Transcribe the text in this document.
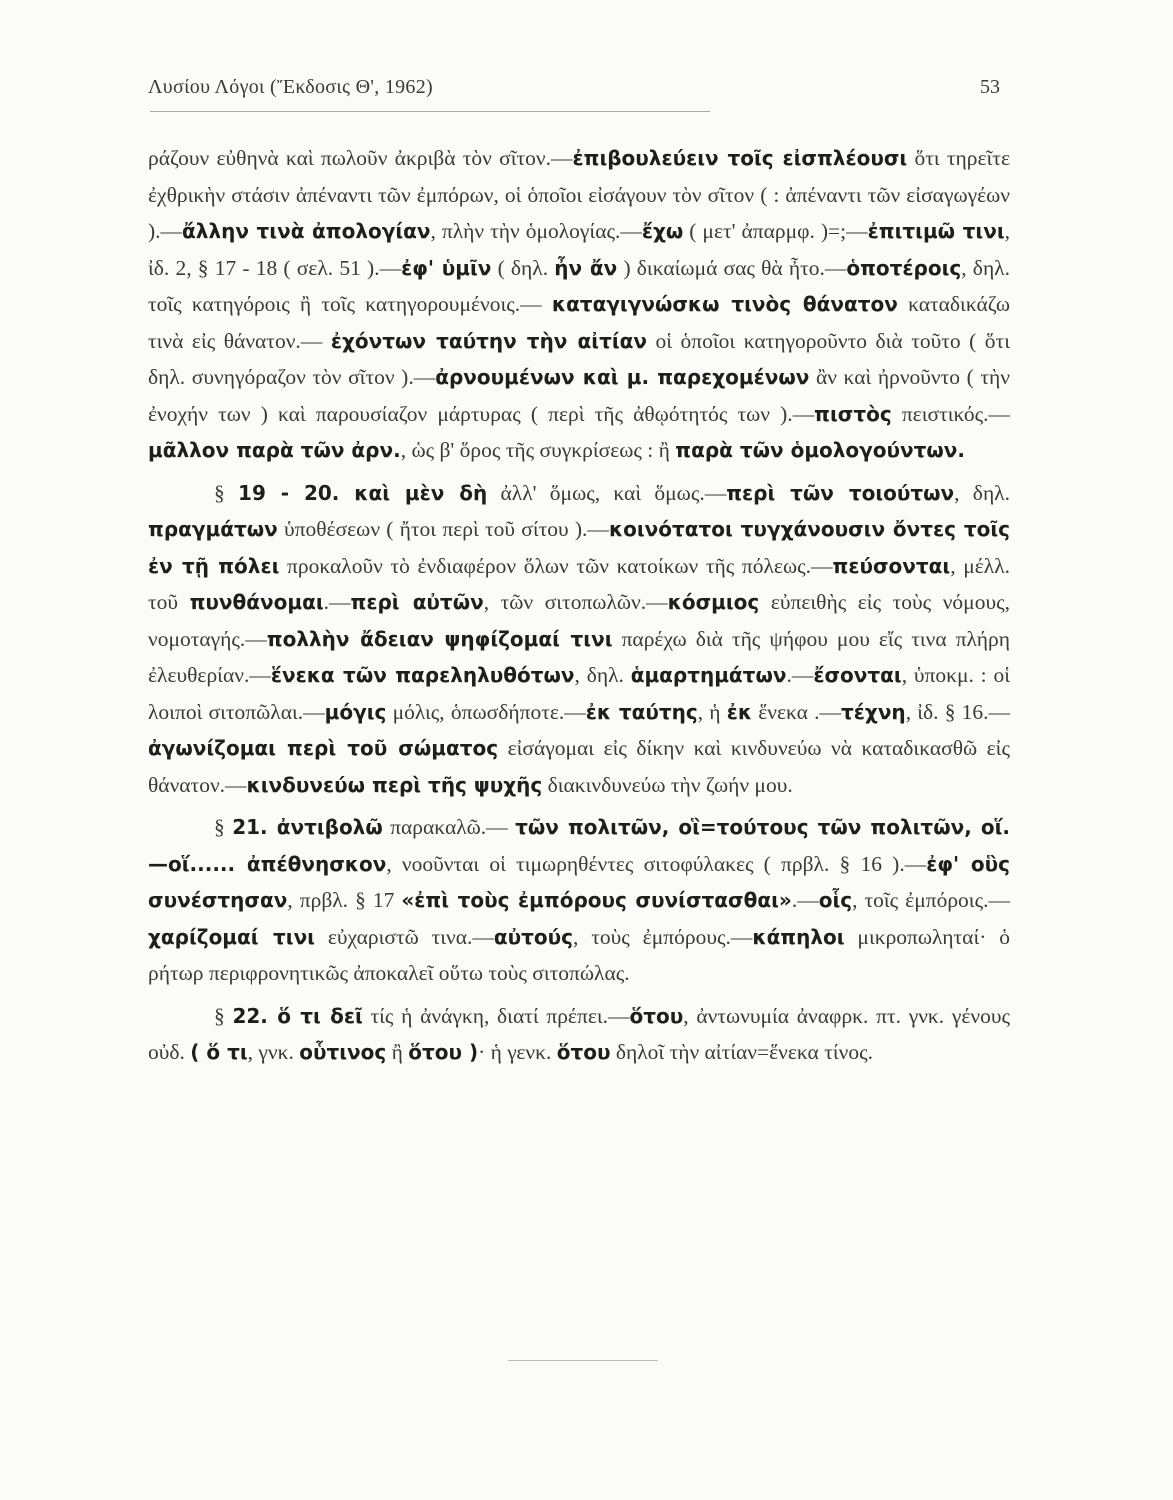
Λυσίου Λόγοι (Ἔκδοσις Θ', 1962)	53

ράζουν εὐθηνὰ καὶ πωλοῦν ἀκριβὰ τὸν σῖτον.—ἐπιβουλεύειν τοῖς εἰσπλέουσι ὅτι τηρεῖτε ἐχθρικὴν στάσιν ἀπέναντι τῶν ἐμπόρων, οἱ ὁποῖοι εἰσάγουν τὸν σῖτον ( : ἀπέναντι τῶν εἰσαγωγέων ).—ἄλλην τινὰ ἀπολογίαν, πλὴν τὴν ὁμολογίας.—ἔχω ( μετ' ἀπαρμφ. )=;—ἐπιτιμῶ τινι, ἰδ. 2, § 17 - 18 ( σελ. 51 ).—ἐφ' ὑμῖν ( δηλ. ἦν ἄν ) δικαίωμά σας θὰ ἦτο.—ὁποτέροις, δηλ. τοῖς κατηγόροις ἢ τοῖς κατηγορουμένοις.— καταγιγνώσκω τινὸς θάνατον καταδικάζω τινὰ εἰς θάνατον.— ἐχόντων ταύτην τὴν αἰτίαν οἱ ὁποῖοι κατηγοροῦντο διὰ τοῦτο ( ὅτι δηλ. συνηγόραζον τὸν σῖτον ).—ἀρνουμένων καὶ μ. παρεχομένων ἂν καὶ ἠρνοῦντο ( τὴν ἐνοχήν των ) καὶ παρουσίαζον μάρτυρας ( περὶ τῆς ἀθῳότητός των ).—πιστὸς πειστικός.—μᾶλλον παρὰ τῶν ἀρν., ὡς β' ὅρος τῆς συγκρίσεως : ἢ παρὰ τῶν ὁμολογούντων.

§ 19 - 20. καὶ μὲν δὴ ἀλλ' ὅμως, καὶ ὅμως.—περὶ τῶν τοιούτων, δηλ. πραγμάτων ὑποθέσεων ( ἤτοι περὶ τοῦ σίτου ).—κοινότατοι τυγχάνουσιν ὄντες τοῖς ἐν τῇ πόλει προκαλοῦν τὸ ἐνδιαφέρον ὅλων τῶν κατοίκων τῆς πόλεως.—πεύσονται, μέλλ. τοῦ πυνθάνομαι.—περὶ αὐτῶν, τῶν σιτοπωλῶν.—κόσμιος εὐπειθὴς εἰς τοὺς νόμους, νομοταγής.—πολλὴν ἄδειαν ψηφίζομαί τινι παρέχω διὰ τῆς ψήφου μου εἴς τινα πλήρη ἐλευθερίαν.—ἕνεκα τῶν παρεληλυθότων, δηλ. ἁμαρτημάτων.—ἔσονται, ὑποκμ. : οἱ λοιποὶ σιτοπῶλαι.—μόγις μόλις, ὁπωσδήποτε.—ἐκ ταύτης, ἡ ἐκ ἕνεκα .—τέχνη, ἰδ. § 16.—ἀγωνίζομαι περὶ τοῦ σώματος εἰσάγομαι εἰς δίκην καὶ κινδυνεύω νὰ καταδικασθῶ εἰς θάνατον.—κινδυνεύω περὶ τῆς ψυχῆς διακινδυνεύω τὴν ζωήν μου.

§ 21. ἀντιβολῶ παρακαλῶ.— τῶν πολιτῶν, οἳ=τούτους τῶν πολιτῶν, οἵ.—οἵ...... ἀπέθνησκον, νοοῦνται οἱ τιμωρηθέντες σιτοφύλακες ( πρβλ. § 16 ).—ἐφ' οὓς συνέστησαν, πρβλ. § 17 «ἐπὶ τοὺς ἐμπόρους συνίστασθαι».—οἷς, τοῖς ἐμπόροις.—χαρίζομαί τινι εὐχαριστῶ τινα.—αὐτούς, τοὺς ἐμπόρους.—κάπηλοι μικροπωληταί· ὁ ρήτωρ περιφρονητικῶς ἀποκαλεῖ οὕτω τοὺς σιτοπώλας.

§ 22. ὅ τι δεῖ τίς ἡ ἀνάγκη, διατί πρέπει.—ὅτου, ἀντωνυμία ἀναφρκ. πτ. γνκ. γένους οὐδ. ( ὅ τι, γνκ. οὗτινος ἢ ὅτου )· ἡ γενκ. ὅτου δηλοῖ τὴν αἰτίαν=ἕνεκα τίνος.
